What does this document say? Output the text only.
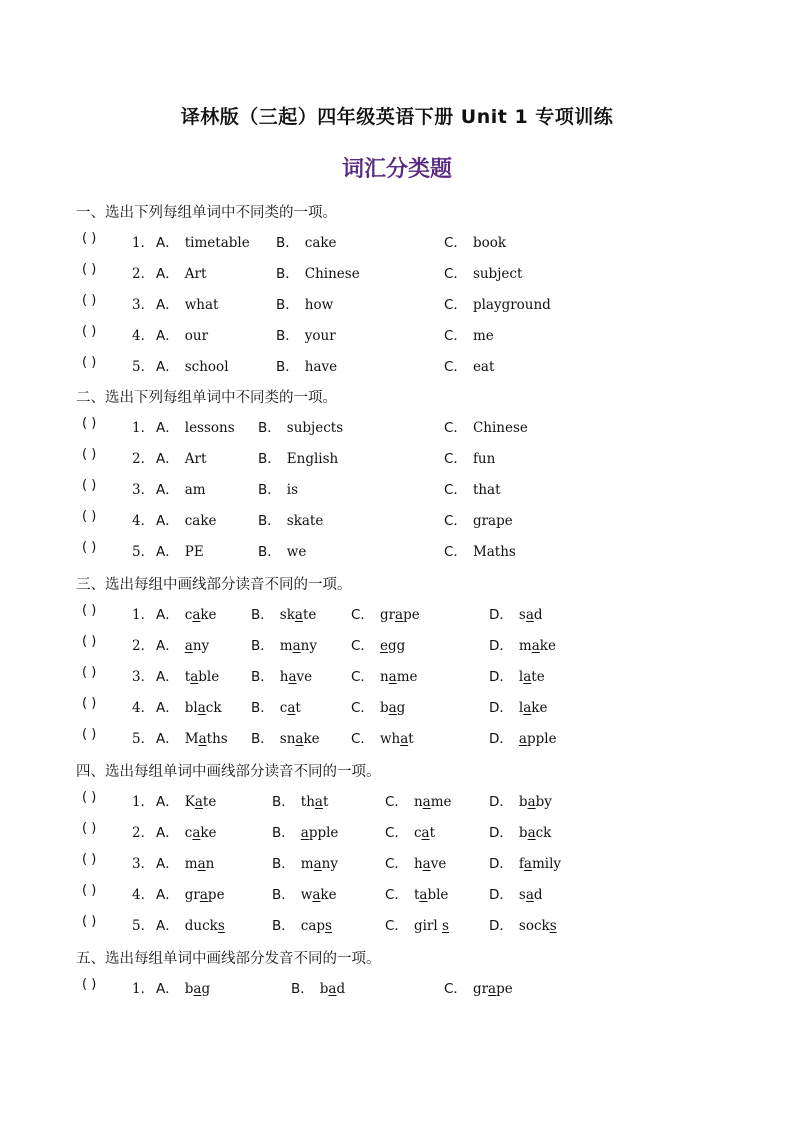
译林版（三起）四年级英语下册 Unit 1 专项训练
词汇分类题
一、选出下列每组单词中不同类的一项。
( )	1． A． timetable B． cake	C． book
( )	2． A． Art	B． Chinese	C． subject
( )	3． A． what	B． how	C． playground
( )	4． A． our	B． your	C． me
( )	5． A． school	B． have	C． eat
二、选出下列每组单词中不同类的一项。
( )	1． A． lessons B． subjects	C． Chinese
( )	2． A． Art	B． English	C． fun
( )	3． A． am	B． is	C． that
( )	4． A． cake	B． skate	C． grape
( )	5． A． PE	B． we	C． Maths
三、选出每组中画线部分读音不同的一项。
( )	1． A． cake	B． skate	C． grape	D． sad
( )	2． A． any	B． many	C． egg	D． make
( )	3． A． table B． have	C． name	D． late
( )	4． A． black B． cat	C． bag	D． lake
( )	5． A． Maths B． snake C． what	D． apple
四、选出每组单词中画线部分读音不同的一项。
( )	1． A． Kate	B． that	C． name	D． baby
( )	2． A． cake	B． apple	C． cat	D． back
( )	3． A． man	B． many	C． have	D． family
( )	4． A． grape	B． wake	C． table	D． sad
( )	5． A． ducks	B． caps	C． girl s	D． socks
五、选出每组单词中画线部分发音不同的一项。
( )	1． A． bag	B． bad	C． grape
